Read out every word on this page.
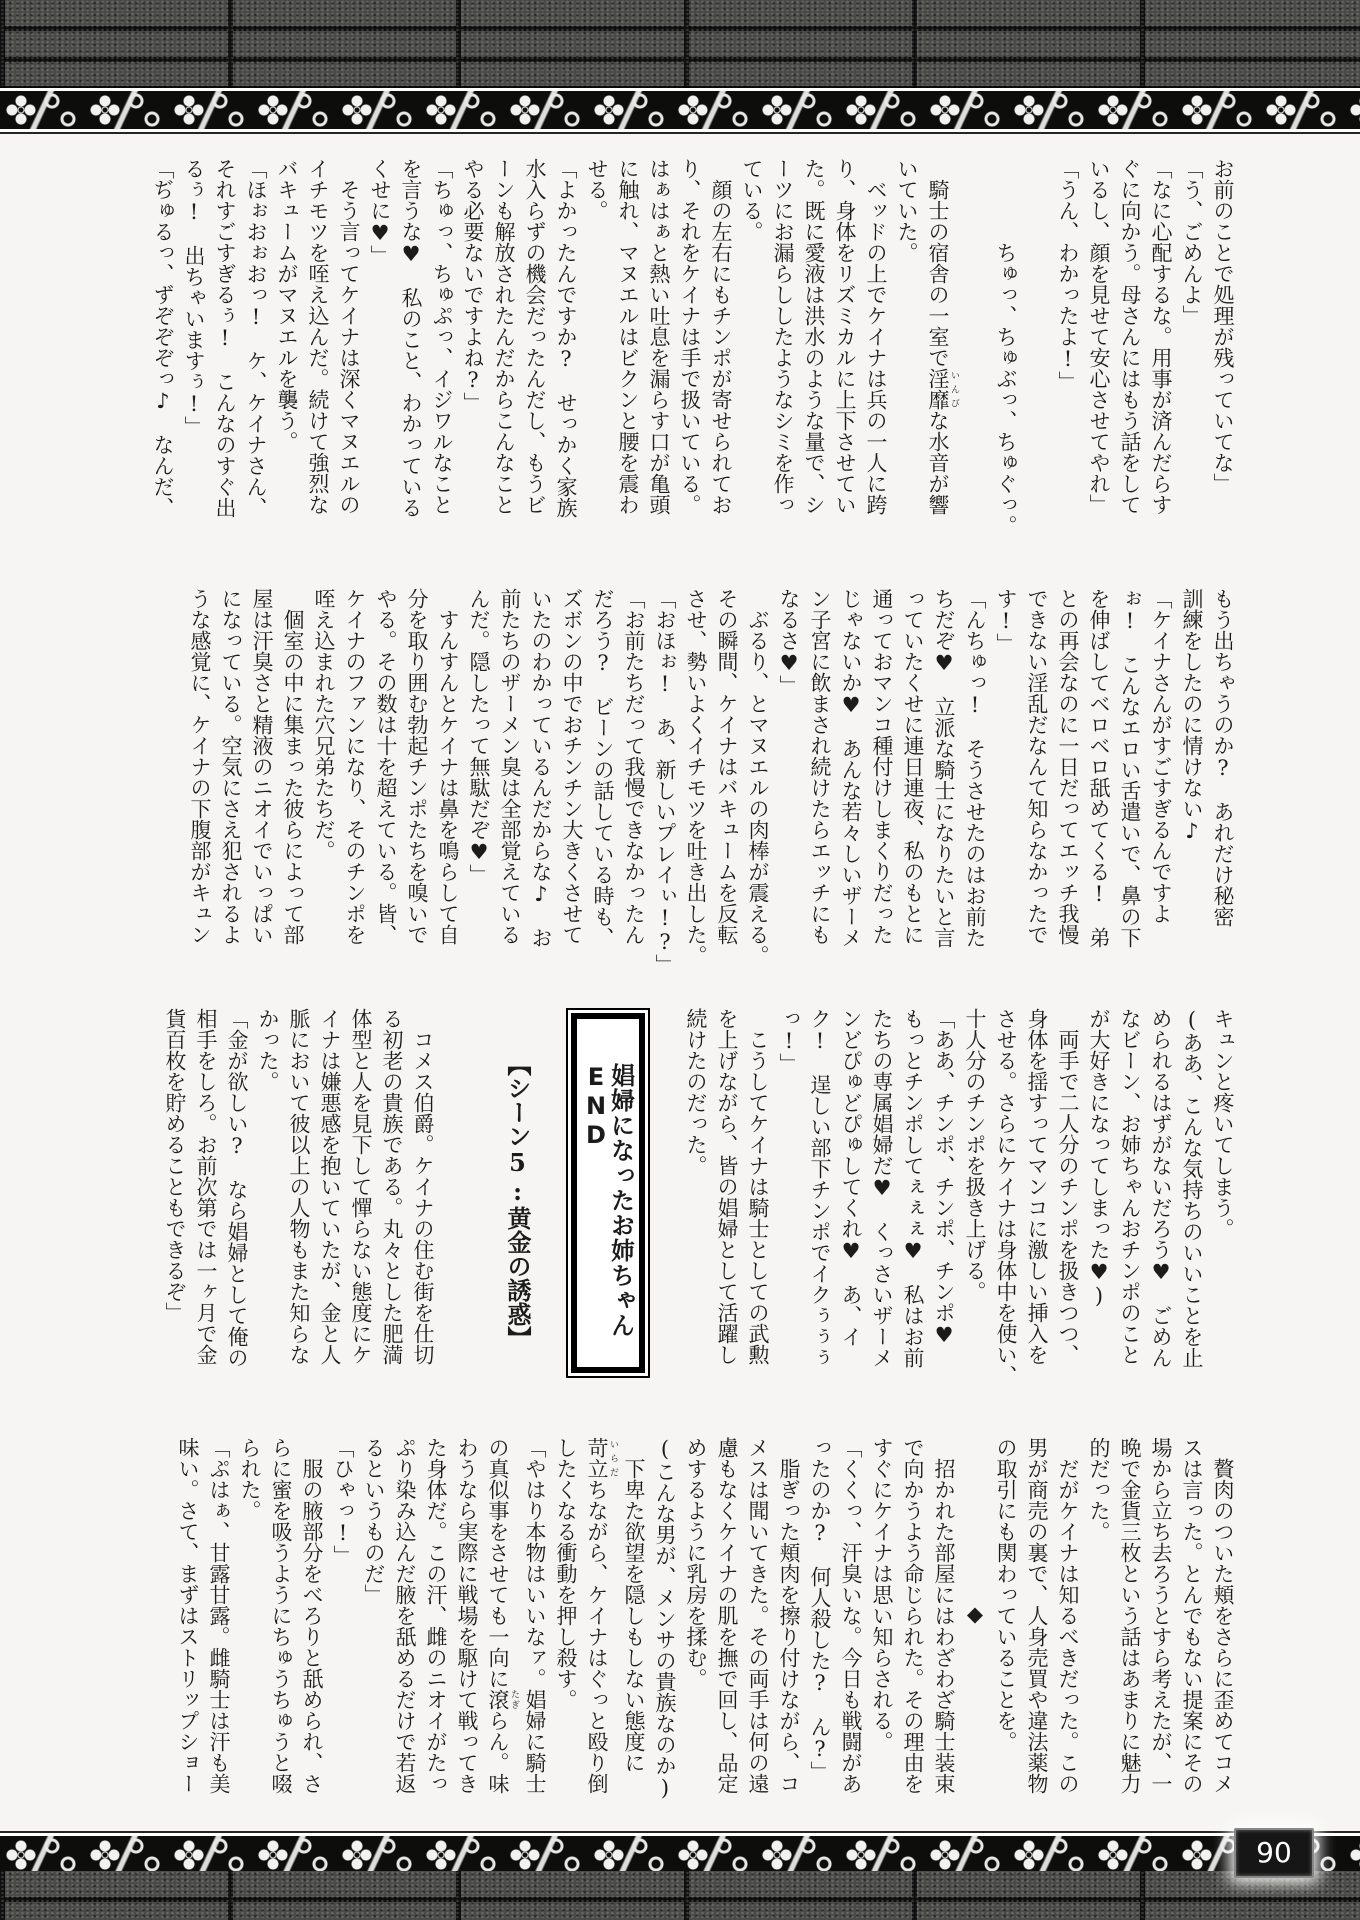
お前のことで処理が残っていてな」
「う、ごめんよ」
「なに心配するな。用事が済んだらす
ぐに向かう。母さんにはもう話をして
いるし、顔を見せて安心させてやれ」
「うん、わかったよ!」
　　　　ちゅっ、ちゅぶっ、ちゅぐっ。
　騎士の宿舎の一室で淫靡 いんびな水音が響
いていた。
　ベッドの上でケイナは兵の一人に跨
り、身体をリズミカルに上下させてい
た。既に愛液は洪水のような量で、シ
ーツにお漏らししたようなシミを作っ
ている。
　顔の左右にもチンポが寄せられてお
り、それをケイナは手で扱いている。
はぁはぁと熱い吐息を漏らす口が亀頭
に触れ、マヌエルはビクンと腰を震わ
せる。
「よかったんですか?　せっかく家族
水入らずの機会だったんだし、もうビ
ーンも解放されたんだからこんなこと
やる必要ないですよね?」
「ちゅっ、ちゅぷっ、イジワルなこと
を言うな♥　私のこと、わかっている
くせに♥」
　そう言ってケイナは深くマヌエルの
イチモツを咥え込んだ。続けて強烈な
バキュームがマヌエルを襲う。
「ほぉおぉおっ!　ケ、ケイナさん、
それすごすぎるぅ!　こんなのすぐ出
るぅ!　出ちゃいますぅ!」
「ぢゅるっ、ずぞぞぞっ♪　なんだ、
もう出ちゃうのか?　あれだけ秘密
訓練をしたのに情けない♪
「ケイナさんがすごすぎるんですよ
ぉ!　こんなエロい舌遣いで、鼻の下
を伸ばしてベロベロ舐めてくる!　弟
との再会なのに一日だってエッチ我慢
できない淫乱だなんて知らなかったで
す!」
「んちゅっ!　そうさせたのはお前た
ちだぞ♥　立派な騎士になりたいと言
っていたくせに連日連夜、私のもとに
通っておマンコ種付けしまくりだった
じゃないか♥　あんな若々しいザーメ
ン子宮に飲まされ続けたらエッチにも
なるさ♥」
　ぶるり、とマヌエルの肉棒が震える。
その瞬間、ケイナはバキュームを反転
させ、勢いよくイチモツを吐き出した。
「おほぉ!　あ、新しいプレイぃ!?」
「お前たちだって我慢できなかったん
だろう?　ビーンの話している時も、
ズボンの中でおチンチン大きくさせて
いたのわかっているんだからな♪　お
前たちのザーメン臭は全部覚えている
んだ。隠したって無駄だぞ♥」
　すんすんとケイナは鼻を鳴らして自
分を取り囲む勃起チンポたちを嗅いで
やる。その数は十を超えている。皆、
ケイナのファンになり、そのチンポを
咥え込まれた穴兄弟たちだ。
　個室の中に集まった彼らによって部
屋は汗臭さと精液のニオイでいっぱい
になっている。空気にさえ犯されるよ
うな感覚に、ケイナの下腹部がキュン
キュンと疼いてしまう。
(ああ、こんな気持ちのいいことを止
められるはずがないだろう♥　ごめん
なビーン、お姉ちゃんおチンポのこと
が大好きになってしまった♥)
　両手で二人分のチンポを扱きつつ、
身体を揺すってマンコに激しい挿入を
させる。さらにケイナは身体中を使い、
十人分のチンポを扱き上げる。
「ああ、チンポ、チンポ、チンポ♥
もっとチンポしてぇぇぇ♥　私はお前
たちの専属娼婦だ♥　くっさいザーメ
ンどぴゅどぴゅしてくれ♥　あ、イ
ク!　逞しい部下チンポでイクぅぅぅ
っ!」
　こうしてケイナは騎士としての武勲
を上げながら、皆の娼婦として活躍し
続けたのだった。
娼婦になったお姉ちゃんEND
【シーン5:黄金の誘惑】
　コメス伯爵。ケイナの住む街を仕切
る初老の貴族である。丸々とした肥満
体型と人を見下して憚らない態度にケ
イナは嫌悪感を抱いていたが、金と人
脈において彼以上の人物もまた知らな
かった。
「金が欲しい?　なら娼婦として俺の
相手をしろ。お前次第では一ヶ月で金
貨百枚を貯めることもできるぞ」
　贅肉のついた頬をさらに歪めてコメ
スは言った。とんでもない提案にその
場から立ち去ろうとすら考えたが、一
晩で金貨三枚という話はあまりに魅力
的だった。
　だがケイナは知るべきだった。この
男が商売の裏で、人身売買や違法薬物
の取引にも関わっていることを。
◆
　招かれた部屋にはわざわざ騎士装束
で向かうよう命じられた。その理由を
すぐにケイナは思い知らされる。
「くくっ、汗臭いな。今日も戦闘があ
ったのか?　何人殺した?　ん?」
　脂ぎった頬肉を擦り付けながら、コ
メスは聞いてきた。その両手は何の遠
慮もなくケイナの肌を撫で回し、品定
めするように乳房を揉む。
(こんな男が、メンサの貴族なのか)
　下卑た欲望を隠しもしない態度に
苛立 いらだちながら、ケイナはぐっと殴り倒
したくなる衝動を押し殺す。
「やはり本物はいいなァ。娼婦に騎士
の真似事をさせても一向に滾 たぎらん。味
わうなら実際に戦場を駆けて戦ってき
た身体だ。この汗、雌のニオイがたっ
ぷり染み込んだ腋を舐めるだけで若返
るというものだ」
「ひゃっ!」
　服の腋部分をべろりと舐められ、さ
らに蜜を吸うようにちゅうちゅうと啜
られた。
「ぷはぁ、甘露甘露。雌騎士は汗も美
味い。さて、まずはストリップショー
90
